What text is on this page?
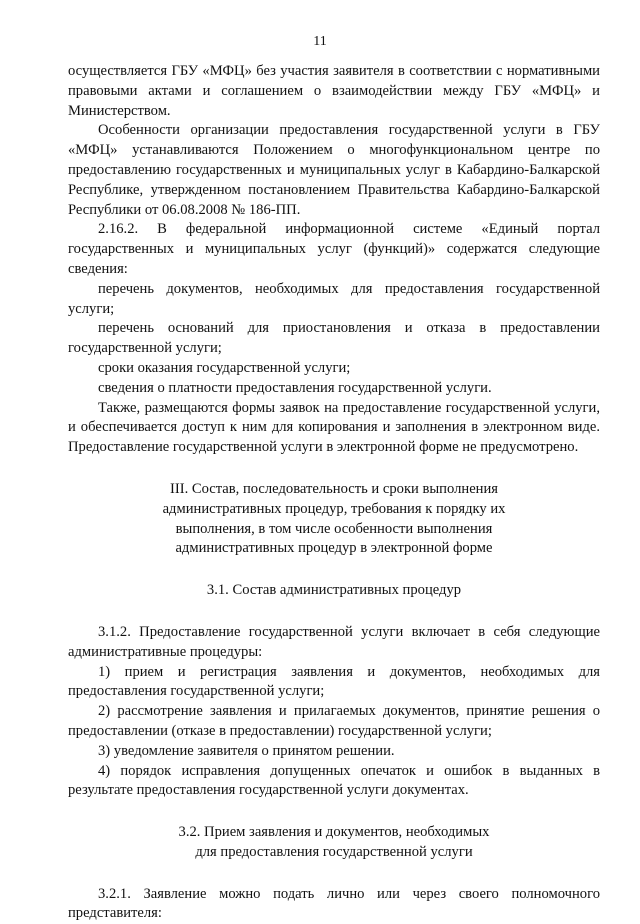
11

осуществляется ГБУ «МФЦ» без участия заявителя в соответствии с нормативными правовыми актами и соглашением о взаимодействии между ГБУ «МФЦ» и Министерством.

Особенности организации предоставления государственной услуги в ГБУ «МФЦ» устанавливаются Положением о многофункциональном центре по предоставлению государственных и муниципальных услуг в Кабардино-Балкарской Республике, утвержденном постановлением Правительства Кабардино-Балкарской Республики от 06.08.2008 № 186-ПП.

2.16.2. В федеральной информационной системе «Единый портал государственных и муниципальных услуг (функций)» содержатся следующие сведения:

перечень документов, необходимых для предоставления государственной услуги;

перечень оснований для приостановления и отказа в предоставлении государственной услуги;

сроки оказания государственной услуги;

сведения о платности предоставления государственной услуги.

Также, размещаются формы заявок на предоставление государственной услуги, и обеспечивается доступ к ним для копирования и заполнения в электронном виде. Предоставление государственной услуги в электронной форме не предусмотрено.

III. Состав, последовательность и сроки выполнения
административных процедур, требования к порядку их
выполнения, в том числе особенности выполнения
административных процедур в электронной форме

3.1. Состав административных процедур

3.1.2. Предоставление государственной услуги включает в себя следующие административные процедуры:

1) прием и регистрация заявления и документов, необходимых для предоставления государственной услуги;

2) рассмотрение заявления и прилагаемых документов, принятие решения о предоставлении (отказе в предоставлении) государственной услуги;

3) уведомление заявителя о принятом решении.

4) порядок исправления допущенных опечаток и ошибок в выданных в результате предоставления государственной услуги документах.

3.2. Прием заявления и документов, необходимых
для предоставления государственной услуги

3.2.1. Заявление можно подать лично или через своего полномочного представителя:
